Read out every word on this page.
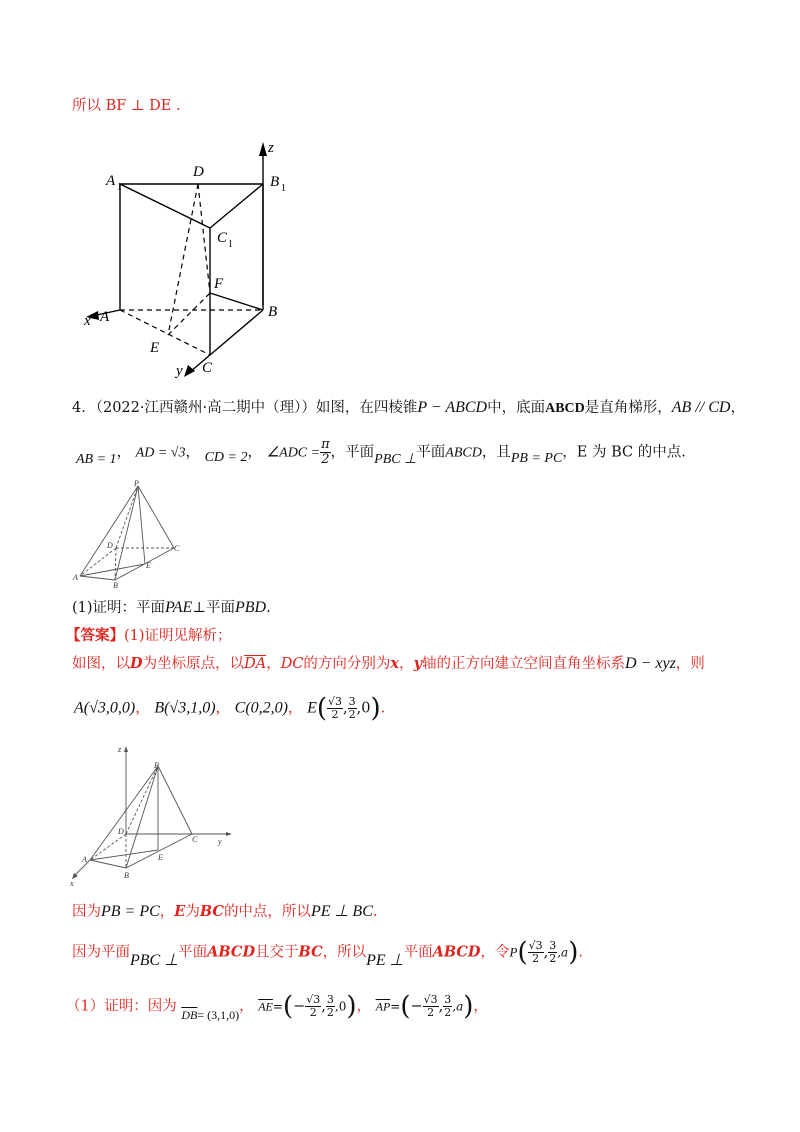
所以 BF ⊥ DE .
z
A 1
D
B 1
C 1
F
x A	B
E
y C
4．（2022·江西赣州·高二期中（理））如图，在四棱锥P − ABCD中，底面ABCD是直角梯形，AB // CD，
AB = 1， AD = √3， CD = 2， ∠ADC = $\frac{\pi}{2}$ ，平面PBC ⊥平面ABCD，且PB = PC，E 为 BC 的中点.
P
D	C
E
A
B
(1)证明：平面PAE⊥平面PBD.
【答案】(1)证明见解析；
如图，以D为坐标原点，以$\overline{DA}$，DC的方向分别为x，y轴的正方向建立空间直角坐标系D − xyz，则
A(√3,0,0)， B(√3,1,0)， C(0,2,0)， $E( \frac{√3}{2}$ , $\frac{3}{2} ,0$).
z
P
D
C	y
A	E
B
x
因为PB = PC，E为BC的中点，所以PE ⊥ BC.
因为平面PBC ⊥平面ABCD且交于BC，所以PE ⊥平面ABCD，令$P( \frac{√3}{2}$ , $\frac{3}{2} ,a$).
（1）证明：因为 $_{\overline{DB}= (3,1,0)}$， $\overline{AE}=(- \frac{√3}{2}$ , $\frac{3}{2} ,0$)， $\overline{AP}=(- \frac{√3}{2}$ , $\frac{3}{2} ,a$)，
